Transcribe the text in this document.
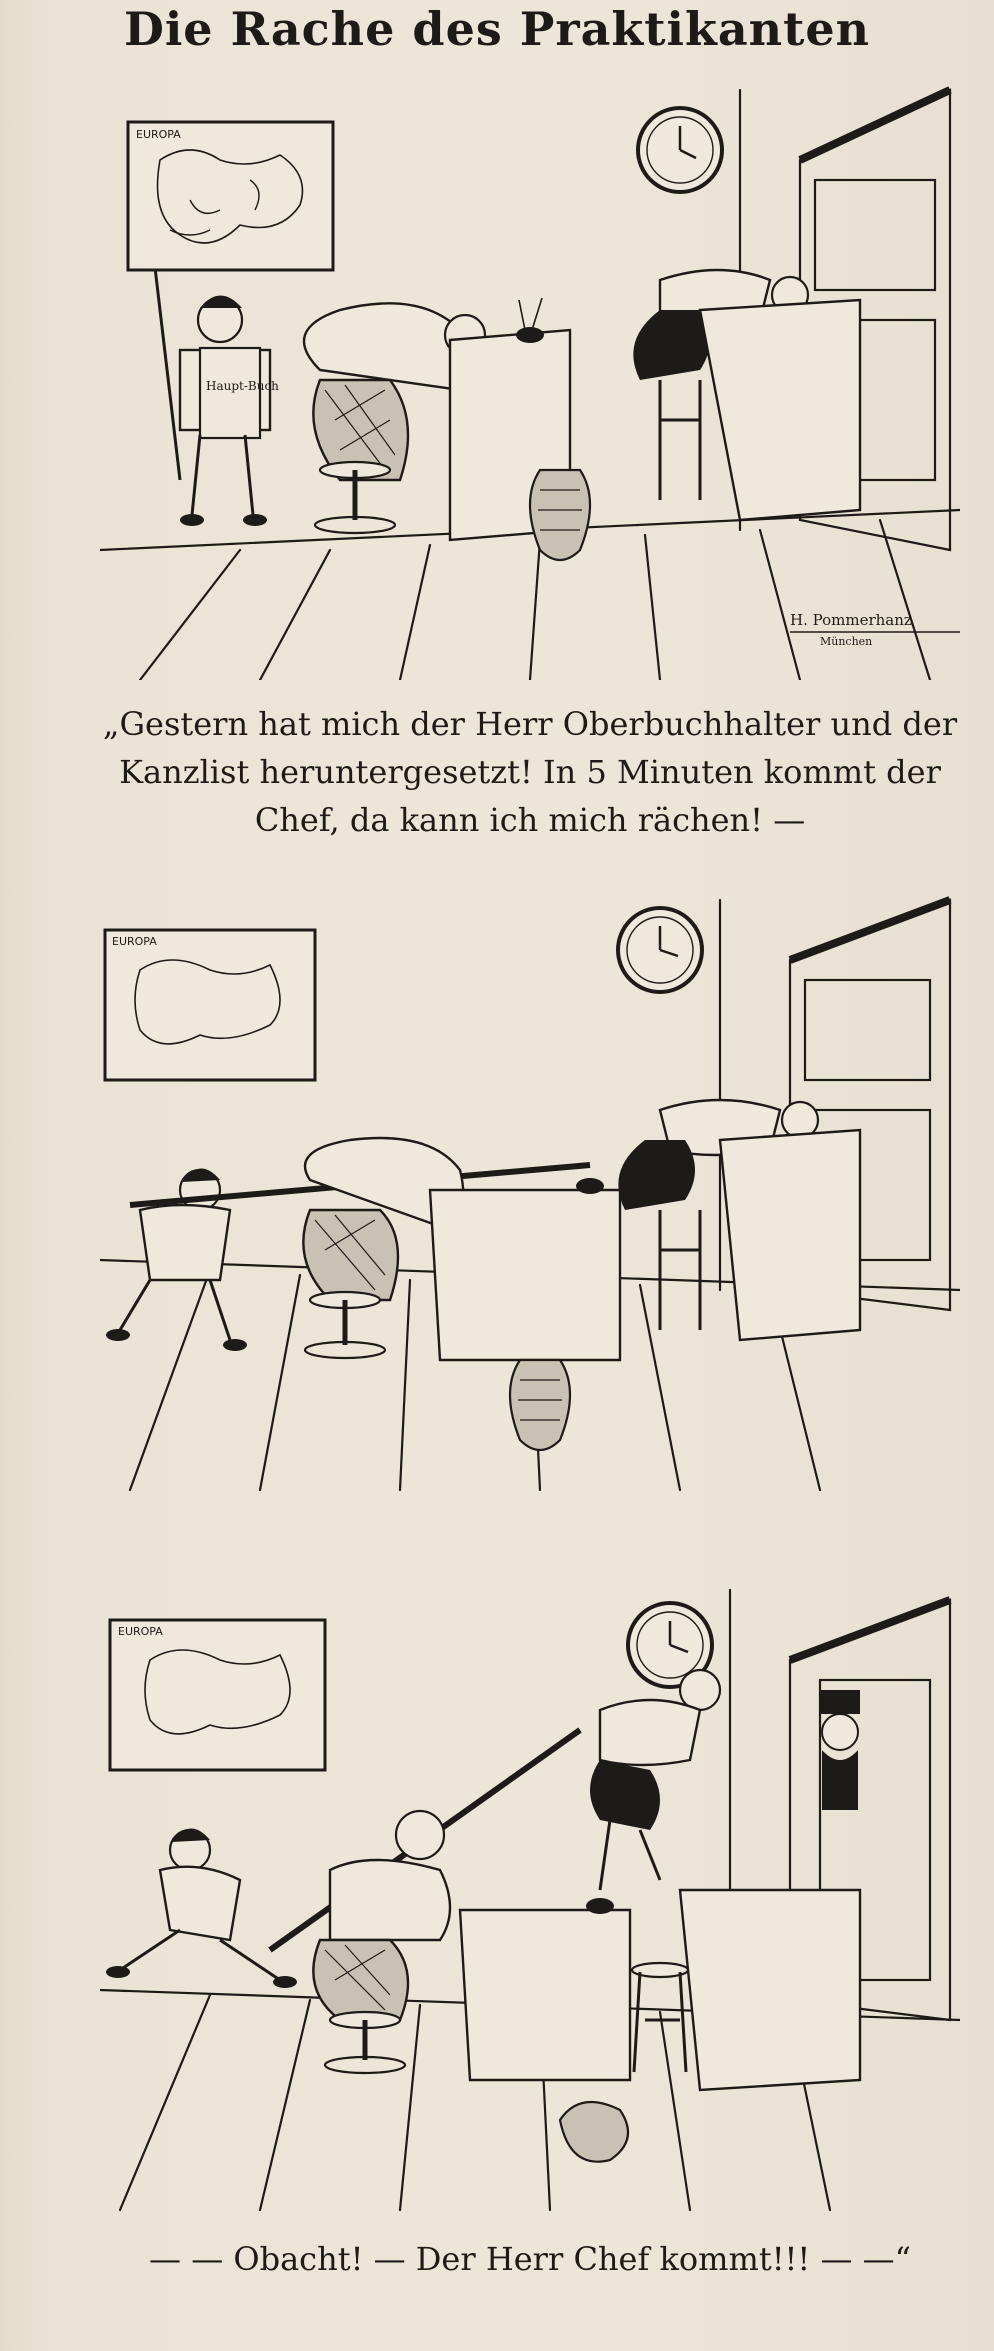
Die Rache des Praktikanten
EUROPA
Haupt-Buch
H. Pommerhanz
München

„Gestern hat mich der Herr Oberbuchhalter und der Kanzlist heruntergesetzt! In 5 Minuten kommt der Chef, da kann ich mich rächen! —

EUROPA
EUROPA

— — Obacht! — Der Herr Chef kommt!!! — —“
